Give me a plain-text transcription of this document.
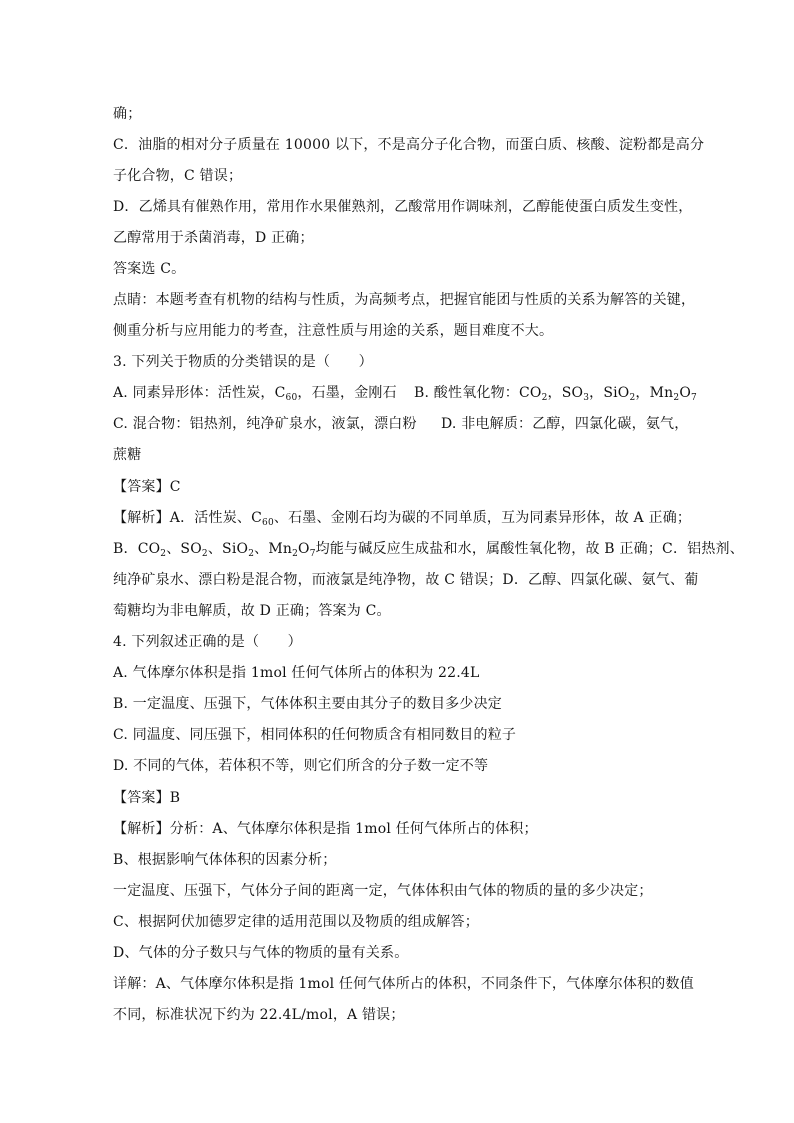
确；
C．油脂的相对分子质量在 10000 以下，不是高分子化合物，而蛋白质、核酸、淀粉都是高分
子化合物，C 错误；
D．乙烯具有催熟作用，常用作水果催熟剂，乙酸常用作调味剂，乙醇能使蛋白质发生变性，
乙醇常用于杀菌消毒，D 正确；
答案选 C。
点睛：本题考查有机物的结构与性质，为高频考点，把握官能团与性质的关系为解答的关键，
侧重分析与应用能力的考查，注意性质与用途的关系，题目难度不大。
3. 下列关于物质的分类错误的是（　　）
A. 同素异形体：活性炭，$C_{60}$，石墨，金刚石 B. 酸性氧化物：$CO_2$，$SO_3$，SiO$_2$，$Mn_2O_7$
C. 混合物：铝热剂，纯净矿泉水，液氯，漂白粉 D. 非电解质：乙醇，四氯化碳，氨气，
蔗糖
【答案】C
【解析】A．活性炭、$C_{60}$、石墨、金刚石均为碳的不同单质，互为同素异形体，故 A 正确；
B．$CO_2$、$SO_2$、SiO$_2$、$Mn_2O_7$均能与碱反应生成盐和水，属酸性氧化物，故 B 正确；C．铝热剂、
纯净矿泉水、漂白粉是混合物，而液氯是纯净物，故 C 错误；D．乙醇、四氯化碳、氨气、葡
萄糖均为非电解质，故 D 正确；答案为 C。
4. 下列叙述正确的是（　　）
A. 气体摩尔体积是指 1mol 任何气体所占的体积为 22.4L
B. 一定温度、压强下，气体体积主要由其分子的数目多少决定
C. 同温度、同压强下，相同体积的任何物质含有相同数目的粒子
D. 不同的气体，若体积不等，则它们所含的分子数一定不等
【答案】B
【解析】分析：A、气体摩尔体积是指 1mol 任何气体所占的体积；
B、根据影响气体体积的因素分析；
一定温度、压强下，气体分子间的距离一定，气体体积由气体的物质的量的多少决定；
C、根据阿伏加德罗定律的适用范围以及物质的组成解答；
D、气体的分子数只与气体的物质的量有关系。
详解：A、气体摩尔体积是指 1mol 任何气体所占的体积，不同条件下，气体摩尔体积的数值
不同，标准状况下约为 22.4L/mol，A 错误；
